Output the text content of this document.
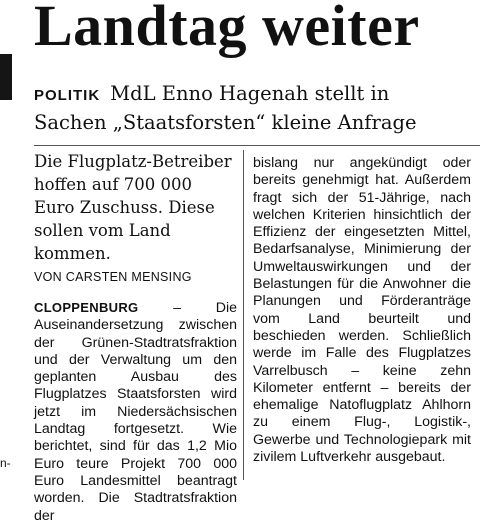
n-
Landtag weiter
POLITIK MdL Enno Hagenah stellt in Sachen „Staatsforsten“ kleine Anfrage

Die Flugplatz-Betreiber hoffen auf 700 000 Euro Zuschuss. Diese sollen vom Land kommen.

VON CARSTEN MENSING

CLOPPENBURG – Die Auseinandersetzung zwischen der Grünen-Stadtratsfraktion und der Verwaltung um den geplanten Ausbau des Flugplatzes Staatsforsten wird jetzt im Niedersächsischen Landtag fortgesetzt. Wie berichtet, sind für das 1,2 Mio Euro teure Projekt 700 000 Euro Landesmittel beantragt worden. Die Stadtratsfraktion der

bislang nur angekündigt oder bereits genehmigt hat. Außerdem fragt sich der 51-Jährige, nach welchen Kriterien hinsichtlich der Effizienz der eingesetzten Mittel, Bedarfsanalyse, Minimierung der Umweltauswirkungen und der Belastungen für die Anwohner die Planungen und Förderanträge vom Land beurteilt und beschieden werden. Schließlich werde im Falle des Flugplatzes Varrelbusch – keine zehn Kilometer entfernt – bereits der ehemalige Natoflugplatz Ahlhorn zu einem Flug-, Logistik-, Gewerbe und Technologiepark mit zivilem Luftverkehr ausgebaut.
